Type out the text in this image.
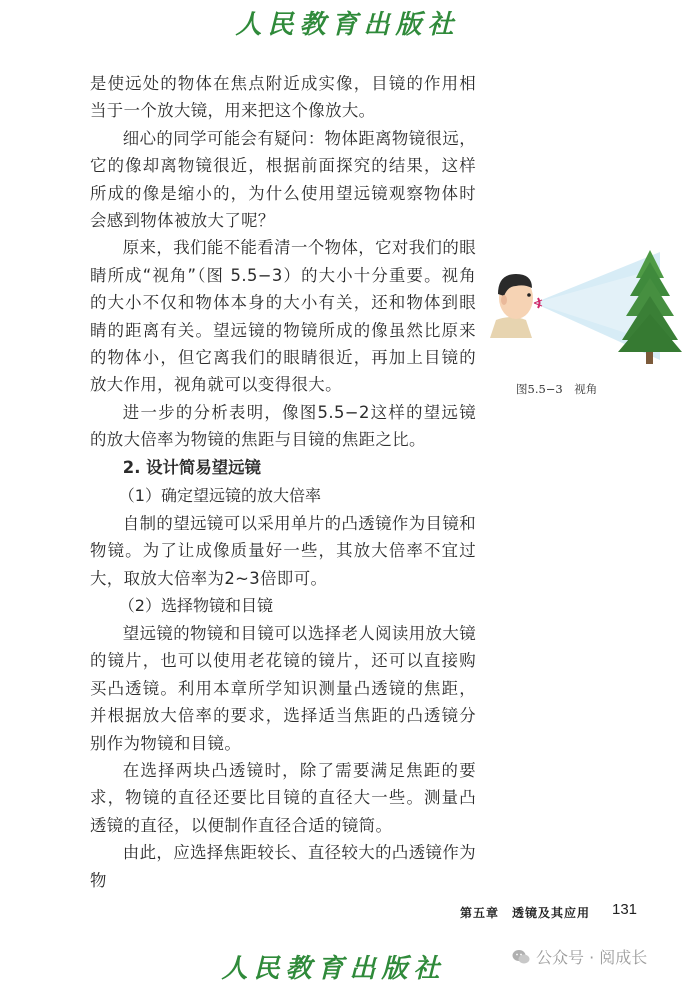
人民教育出版社

是使远处的物体在焦点附近成实像，目镜的作用相当于一个放大镜，用来把这个像放大。

细心的同学可能会有疑问：物体距离物镜很远，它的像却离物镜很近，根据前面探究的结果，这样所成的像是缩小的，为什么使用望远镜观察物体时会感到物体被放大了呢？

原来，我们能不能看清一个物体，它对我们的眼睛所成“视角”（图 5.5−3）的大小十分重要。视角的大小不仅和物体本身的大小有关，还和物体到眼睛的距离有关。望远镜的物镜所成的像虽然比原来的物体小，但它离我们的眼睛很近，再加上目镜的放大作用，视角就可以变得很大。

进一步的分析表明，像图5.5−2这样的望远镜的放大倍率为物镜的焦距与目镜的焦距之比。

2. 设计简易望远镜
（1）确定望远镜的放大倍率

自制的望远镜可以采用单片的凸透镜作为目镜和物镜。为了让成像质量好一些，其放大倍率不宜过大，取放大倍率为2~3倍即可。

（2）选择物镜和目镜

望远镜的物镜和目镜可以选择老人阅读用放大镜的镜片，也可以使用老花镜的镜片，还可以直接购买凸透镜。利用本章所学知识测量凸透镜的焦距，并根据放大倍率的要求，选择适当焦距的凸透镜分别作为物镜和目镜。

在选择两块凸透镜时，除了需要满足焦距的要求，物镜的直径还要比目镜的直径大一些。测量凸透镜的直径，以便制作直径合适的镜筒。

由此，应选择焦距较长、直径较大的凸透镜作为物

图5.5−3　视角
第五章　透镜及其应用 131
人民教育出版社	公众号 · 阅成长
